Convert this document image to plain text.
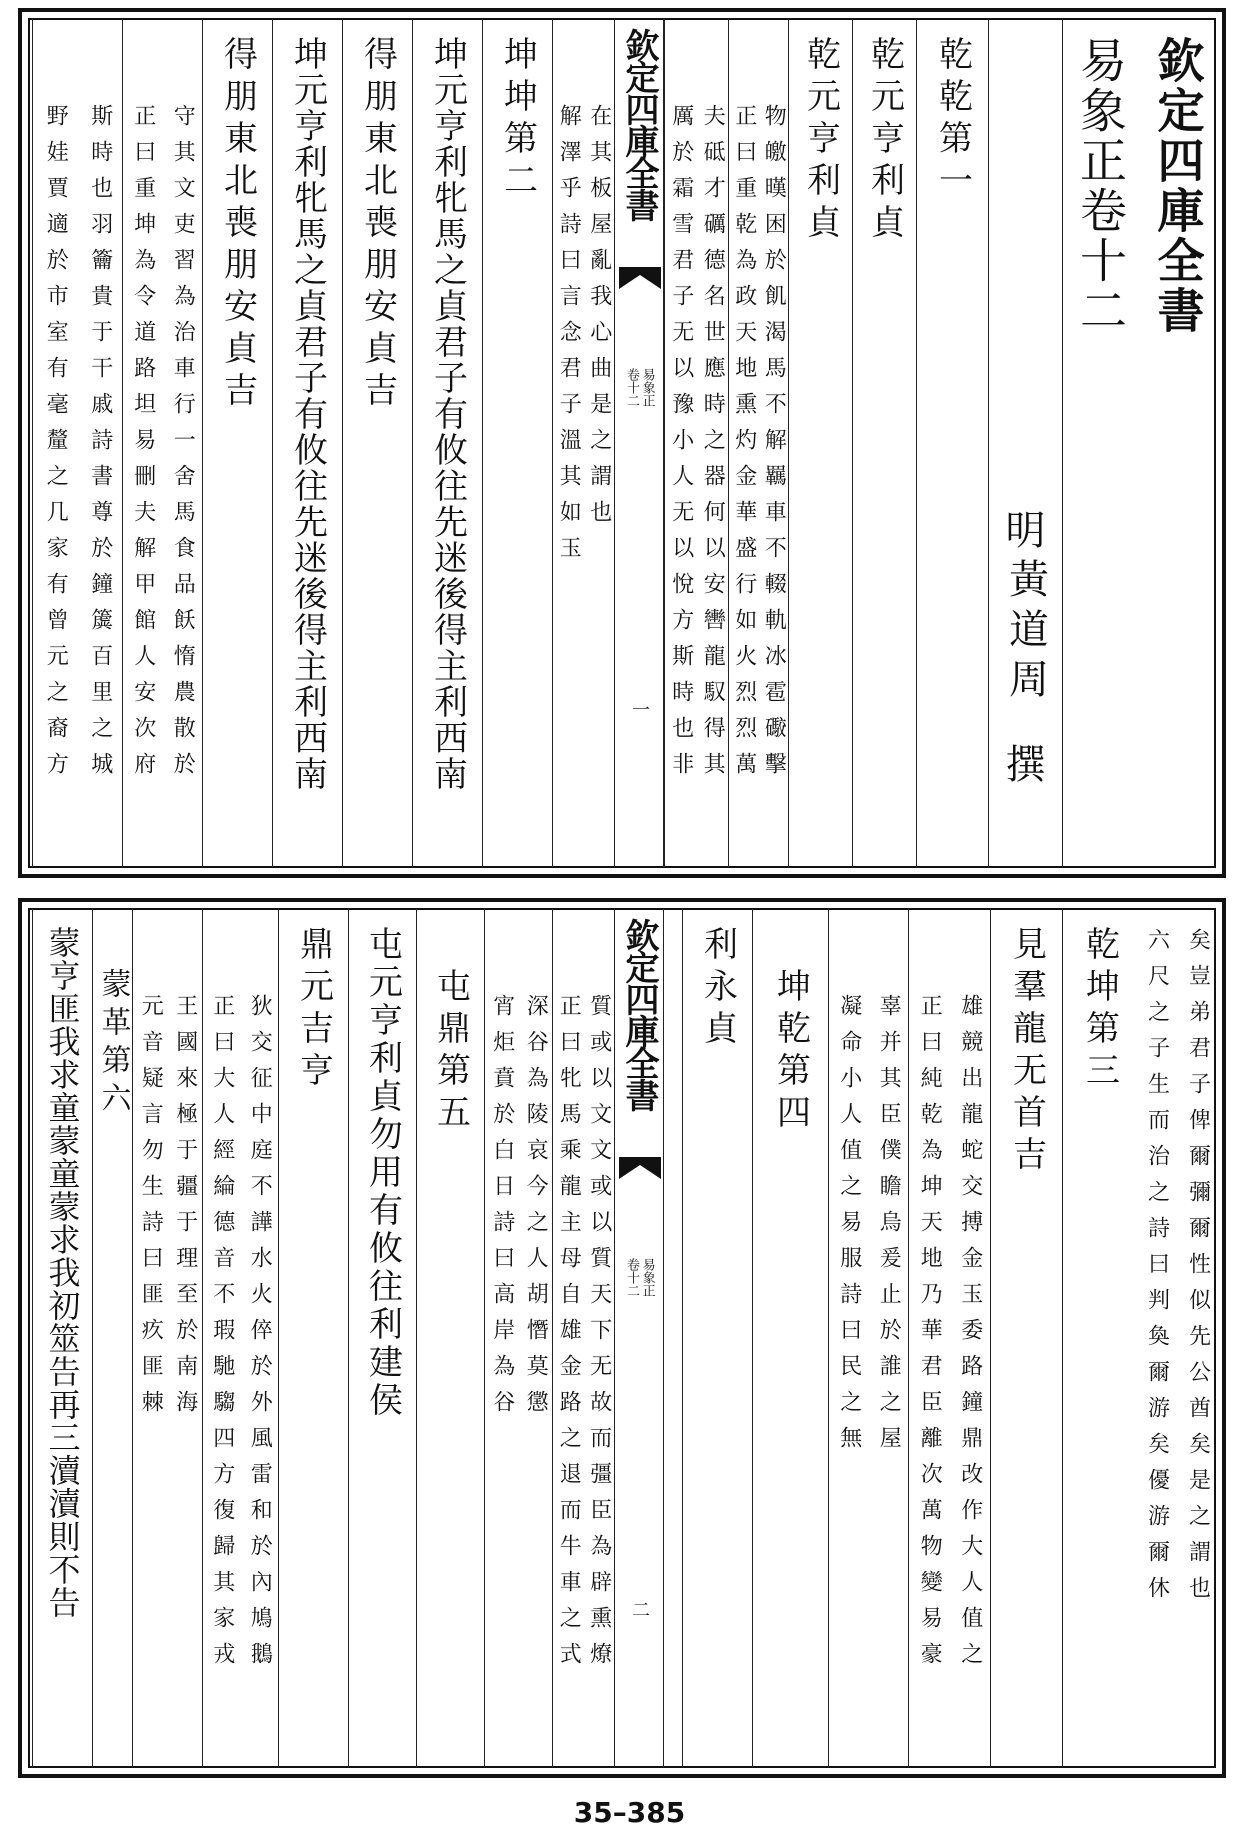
欽定四庫全書
易象正卷十二
明
黃道周
撰
乾乾第一
乾元亨利貞
乾元亨利貞
正曰重乾為政天地熏灼金華盛行如火烈烈萬 物皦暵困於飢渴馬不解羈車不輟軌冰雹礮擊
厲於霜雪君子无以豫小人无以悅方斯時也非 夫砥才礪德名世應時之器何以安轡龍馭得其
欽定四庫全書
易象正
卷十二
一
解澤乎詩曰言念君子溫其如玉 在其板屋亂我心曲是之謂也
坤坤第二
坤元亨利牝馬之貞君子有攸往先迷後得主利西南
得朋東北喪朋安貞吉
坤元亨利牝馬之貞君子有攸往先迷後得主利西南
得朋東北喪朋安貞吉
正曰重坤為令道路坦易刪夫解甲館人安次府 守其文吏習為治車行一舍馬食品飫惰農散於
野娃賈適於市室有毫釐之几家有曾元之裔方 斯時也羽籥貴于干戚詩書尊於鐘簴百里之城
六尺之子生而治之詩曰判奐爾游矣優游爾休 矣豈弟君子俾爾彌爾性似先公酋矣是之謂也
乾坤第三
見羣龍无首吉
正曰純乾為坤天地乃華君臣離次萬物變易豪 雄競出龍蛇交搏金玉委路鐘鼎改作大人值之
凝命小人值之易服詩曰民之無 辜并其臣僕瞻烏爰止於誰之屋
坤乾第四
利永貞
欽定四庫全書
易象正
卷十二
二
正曰牝馬乘龍主母自雄金路之退而牛車之式 質或以文文或以質天下无故而彊臣為辟熏燎
宵炬賁於白日詩曰高岸為谷 深谷為陵哀今之人胡憯莫懲
屯鼎第五
屯元亨利貞勿用有攸往利建侯
鼎元吉亨
正曰大人經綸德音不瑕馳騶四方復歸其家戎 狄交征中庭不譁水火倅於外風雷和於內鳩鵝
元音疑言勿生詩曰匪疚匪棘 王國來極于疆于理至於南海
蒙革第六
蒙亨匪我求童蒙童蒙求我初筮告再三瀆瀆則不告
35–385
